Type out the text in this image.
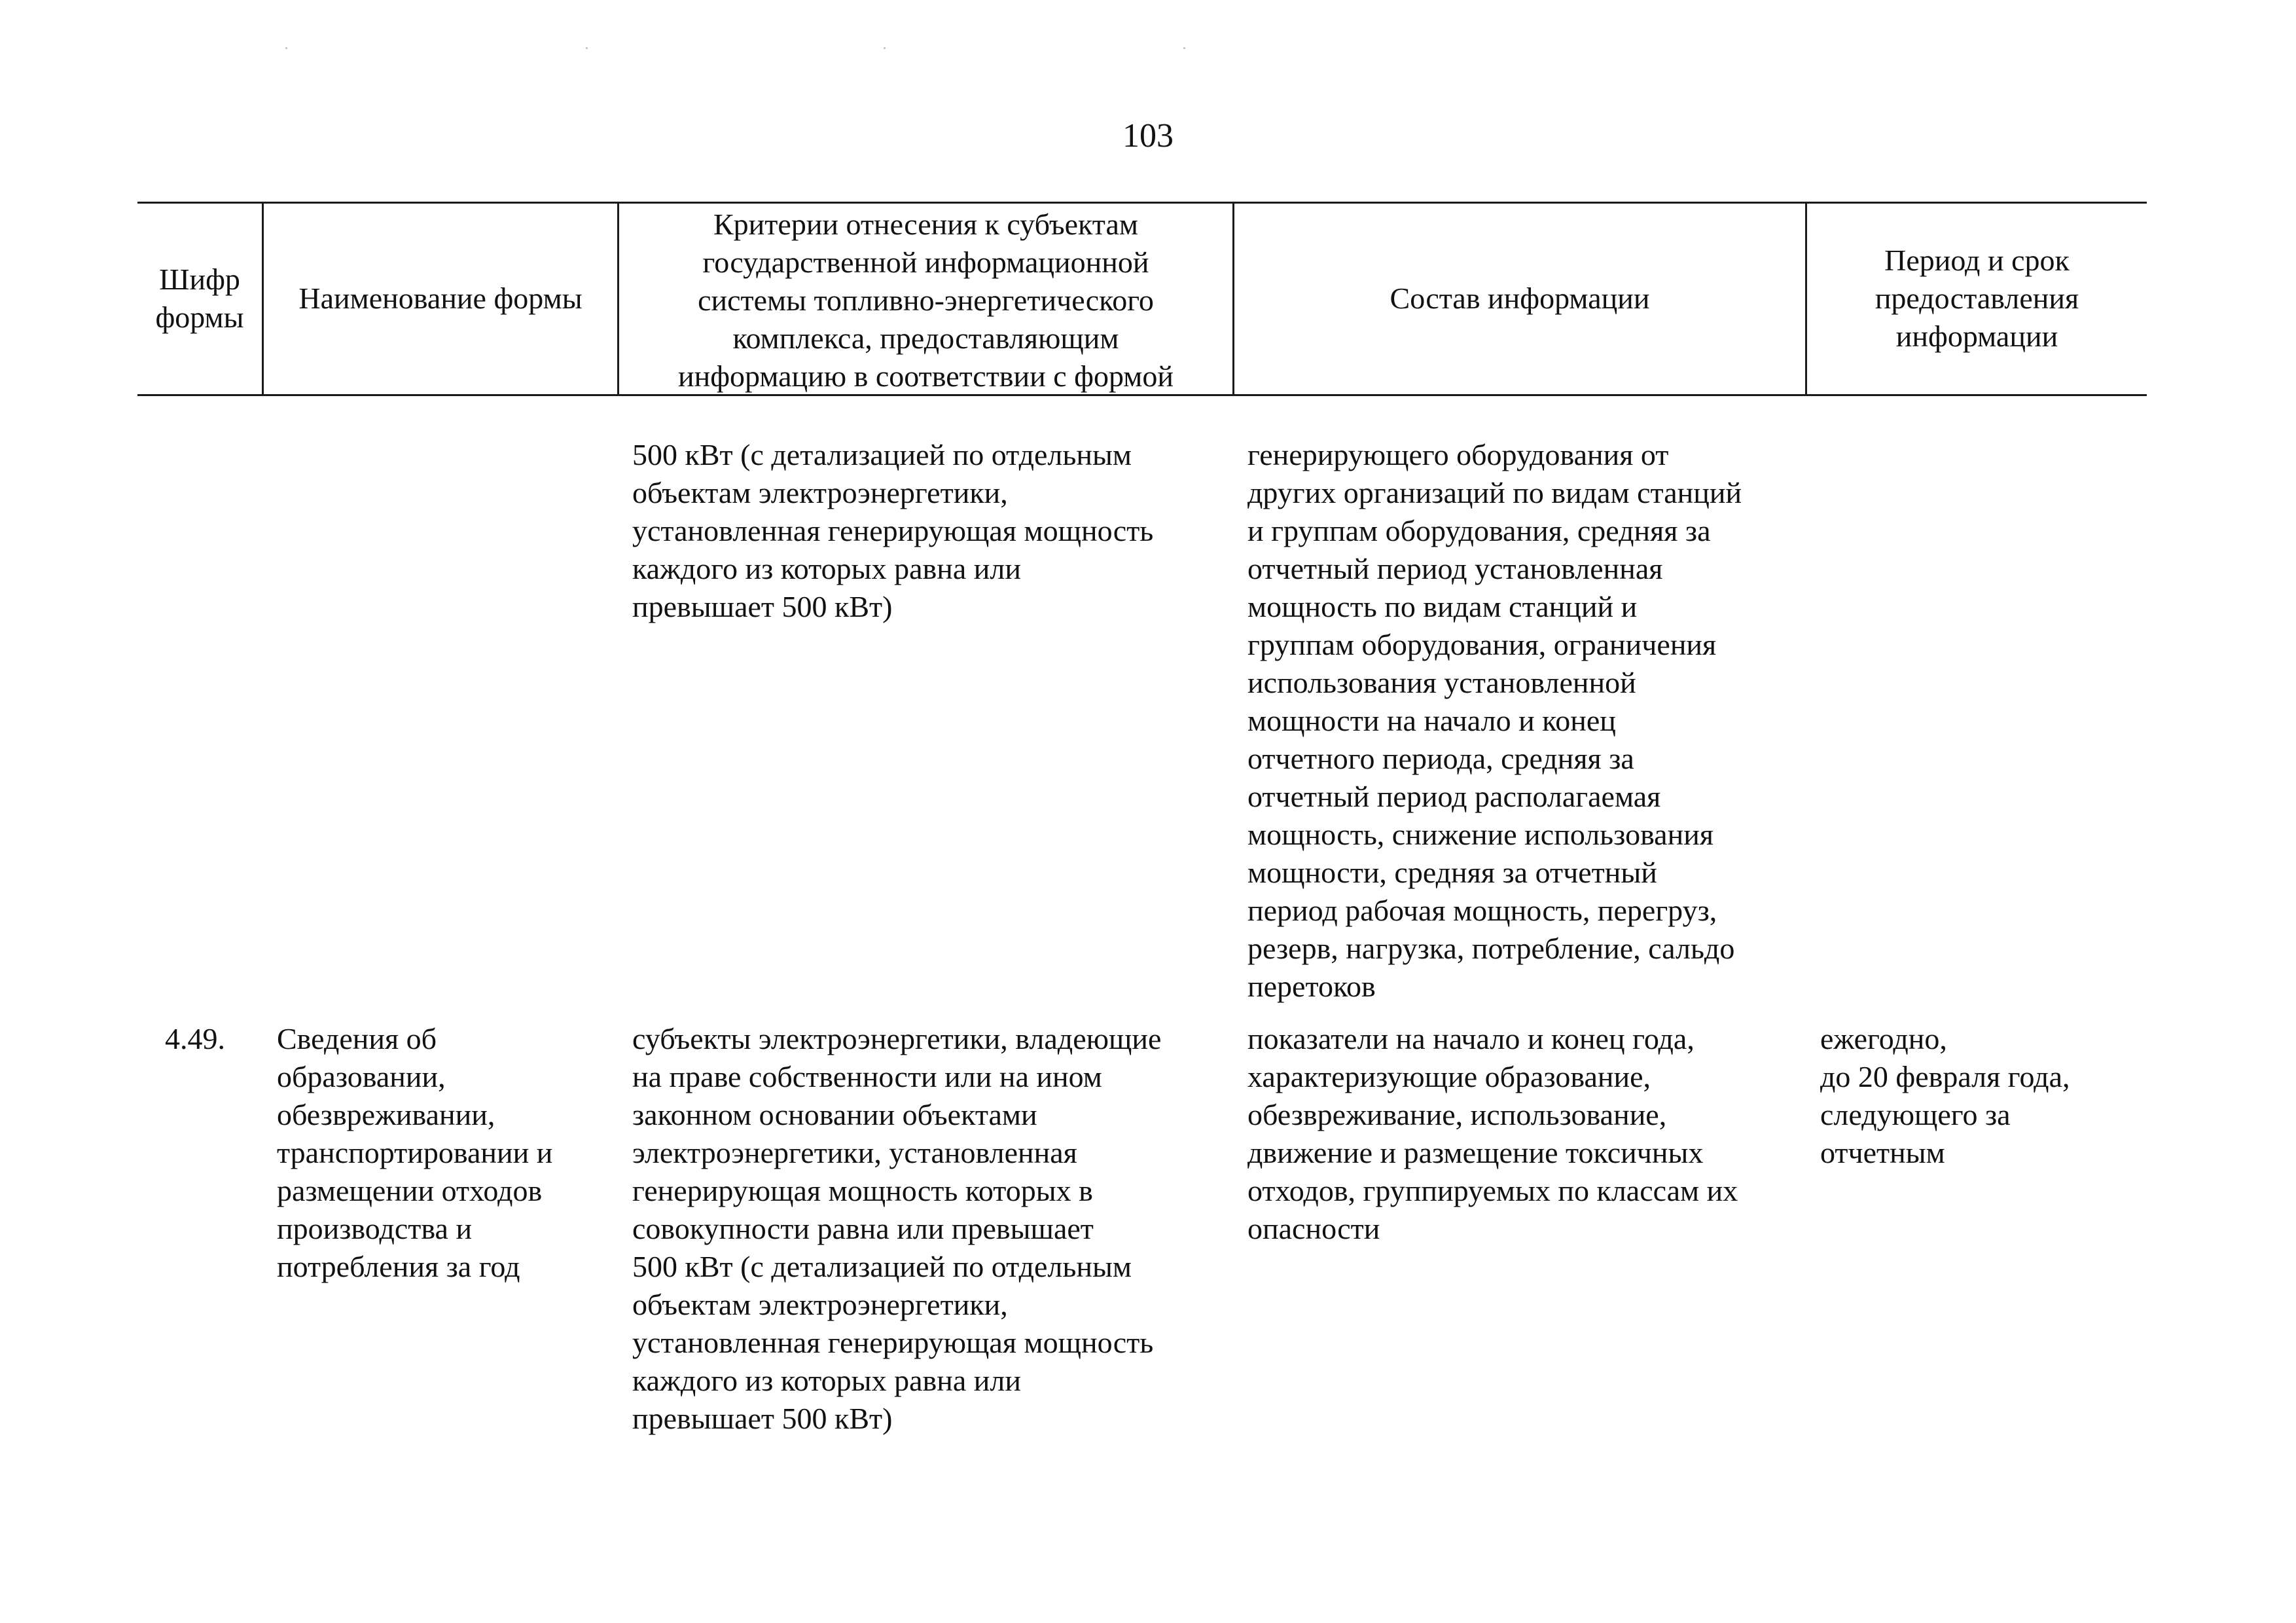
103
Шифр
формы
Наименование формы
Критерии отнесения к субъектам
государственной информационной
системы топливно-энергетического
комплекса, предоставляющим
информацию в соответствии с формой
Состав информации
Период и срок
предоставления
информации
500 кВт (с детализацией по отдельным
объектам электроэнергетики,
установленная генерирующая мощность
каждого из которых равна или
превышает 500 кВт)
генерирующего оборудования от
других организаций по видам станций
и группам оборудования, средняя за
отчетный период установленная
мощность по видам станций и
группам оборудования, ограничения
использования установленной
мощности на начало и конец
отчетного периода, средняя за
отчетный период располагаемая
мощность, снижение использования
мощности, средняя за отчетный
период рабочая мощность, перегруз,
резерв, нагрузка, потребление, сальдо
перетоков
4.49.	Сведения об
образовании,
обезвреживании,
транспортировании и
размещении отходов
производства и
потребления за год
субъекты электроэнергетики, владеющие
на праве собственности или на ином
законном основании объектами
электроэнергетики, установленная
генерирующая мощность которых в
совокупности равна или превышает
500 кВт (с детализацией по отдельным
объектам электроэнергетики,
установленная генерирующая мощность
каждого из которых равна или
превышает 500 кВт)
показатели на начало и конец года,
характеризующие образование,
обезвреживание, использование,
движение и размещение токсичных
отходов, группируемых по классам их
опасности
ежегодно,
до 20 февраля года,
следующего за
отчетным
